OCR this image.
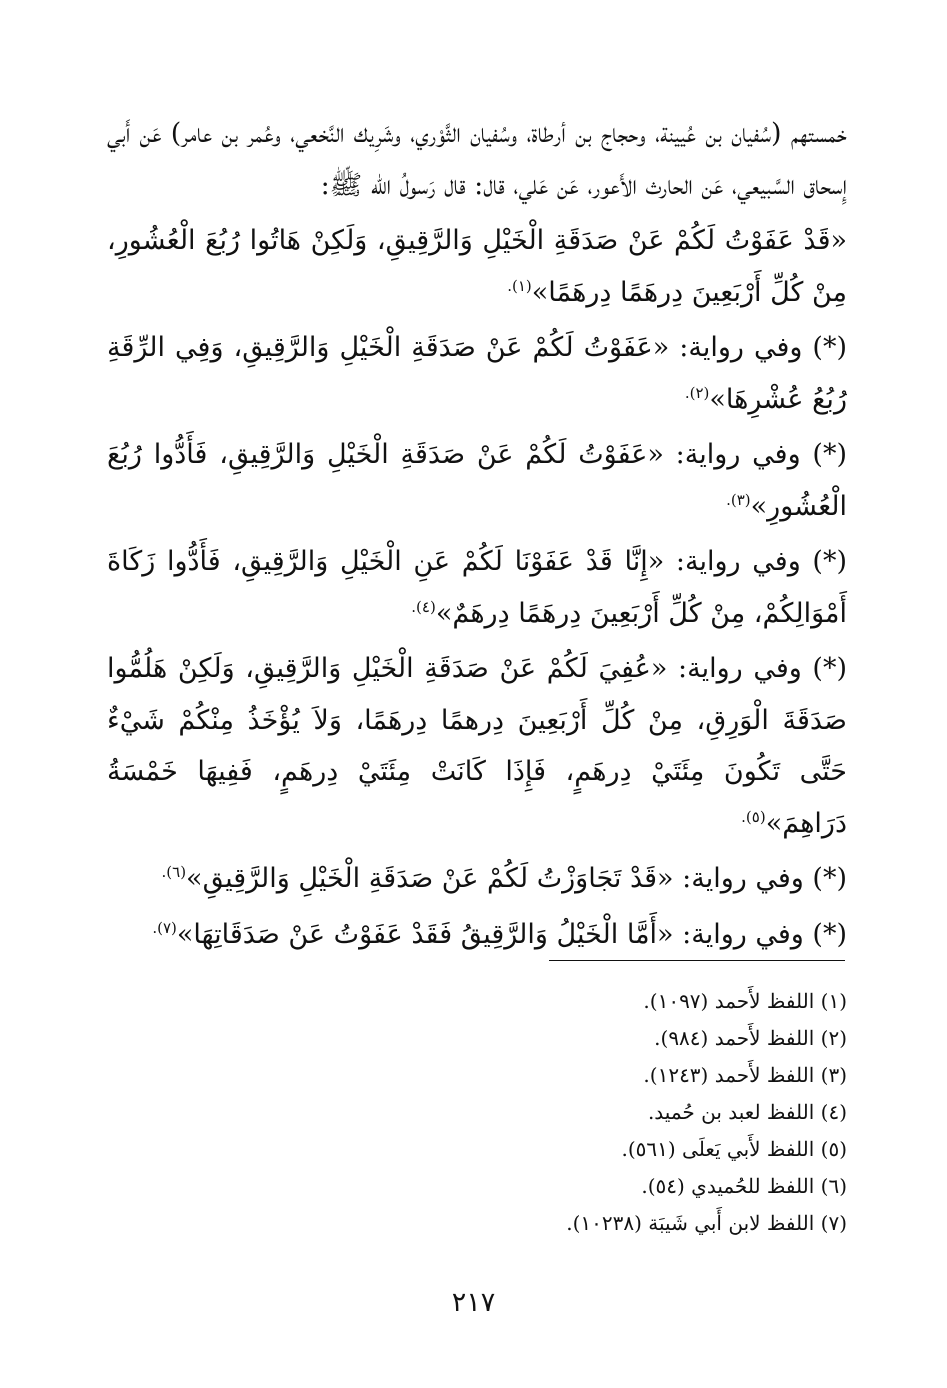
خمستهم (سُفيان بن عُيينة، وحجاج بن أرطاة، وسُفيان الثَّوْري، وشَرِيك النَّخعي، وعُمر بن عامر) عَن أَبي إِسحاق السَّبيعي، عَن الحارث الأَعور، عَن عَلي، قال: قال رَسولُ الله ﷺ:

«قَدْ عَفَوْتُ لَكُمْ عَنْ صَدَقَةِ الْخَيْلِ وَالرَّقِيقِ، وَلَكِنْ هَاتُوا رُبُعَ الْعُشُورِ، مِنْ كُلِّ أَرْبَعِينَ دِرهَمًا دِرهَمًا»$^{(١).}$

(*) وفي رواية: «عَفَوْتُ لَكُمْ عَنْ صَدَقَةِ الْخَيْلِ وَالرَّقِيقِ، وَفِي الرِّقَةِ رُبُعُ عُشْرِهَا»$^{(٢).}$

(*) وفي رواية: «عَفَوْتُ لَكُمْ عَنْ صَدَقَةِ الْخَيْلِ وَالرَّقِيقِ، فَأَدُّوا رُبُعَ الْعُشُورِ»$^{(٣).}$

(*) وفي رواية: «إِنَّا قَدْ عَفَوْنَا لَكُمْ عَنِ الْخَيْلِ وَالرَّقِيقِ، فَأَدُّوا زَكَاةَ أَمْوَالِكُمْ، مِنْ كُلِّ أَرْبَعِينَ دِرهَمًا دِرهَمٌ»$^{(٤).}$

(*) وفي رواية: «عُفِيَ لَكُمْ عَنْ صَدَقَةِ الْخَيْلِ وَالرَّقِيقِ، وَلَكِنْ هَلُمُّوا صَدَقَةَ الْوَرِقِ، مِنْ كُلِّ أَرْبَعِينَ دِرهمًا دِرهَمًا، وَلاَ يُؤْخَذُ مِنْكُمْ شَيْءٌ حَتَّى تَكُونَ مِئَتَيْ دِرهَمٍ، فَإِذَا كَانَتْ مِئَتَيْ دِرهَمٍ، فَفِيهَا خَمْسَةُ دَرَاهِمَ»$^{(٥).}$

(*) وفي رواية: «قَدْ تَجَاوَزْتُ لَكُمْ عَنْ صَدَقَةِ الْخَيْلِ وَالرَّقِيقِ»$^{(٦).}$

(*) وفي رواية: «أَمَّا الْخَيْلُ وَالرَّقِيقُ فَقَدْ عَفَوْتُ عَنْ صَدَقَاتِهَا»$^{(٧).}$

(١) اللفظ لأَحمد (١٠٩٧).

(٢) اللفظ لأَحمد (٩٨٤).

(٣) اللفظ لأَحمد (١٢٤٣).

(٤) اللفظ لعبد بن حُميد.

(٥) اللفظ لأَبي يَعلَى (٥٦١).

(٦) اللفظ للحُميدي (٥٤).

(٧) اللفظ لابن أَبي شَيبَة (١٠٢٣٨).

٢١٧
